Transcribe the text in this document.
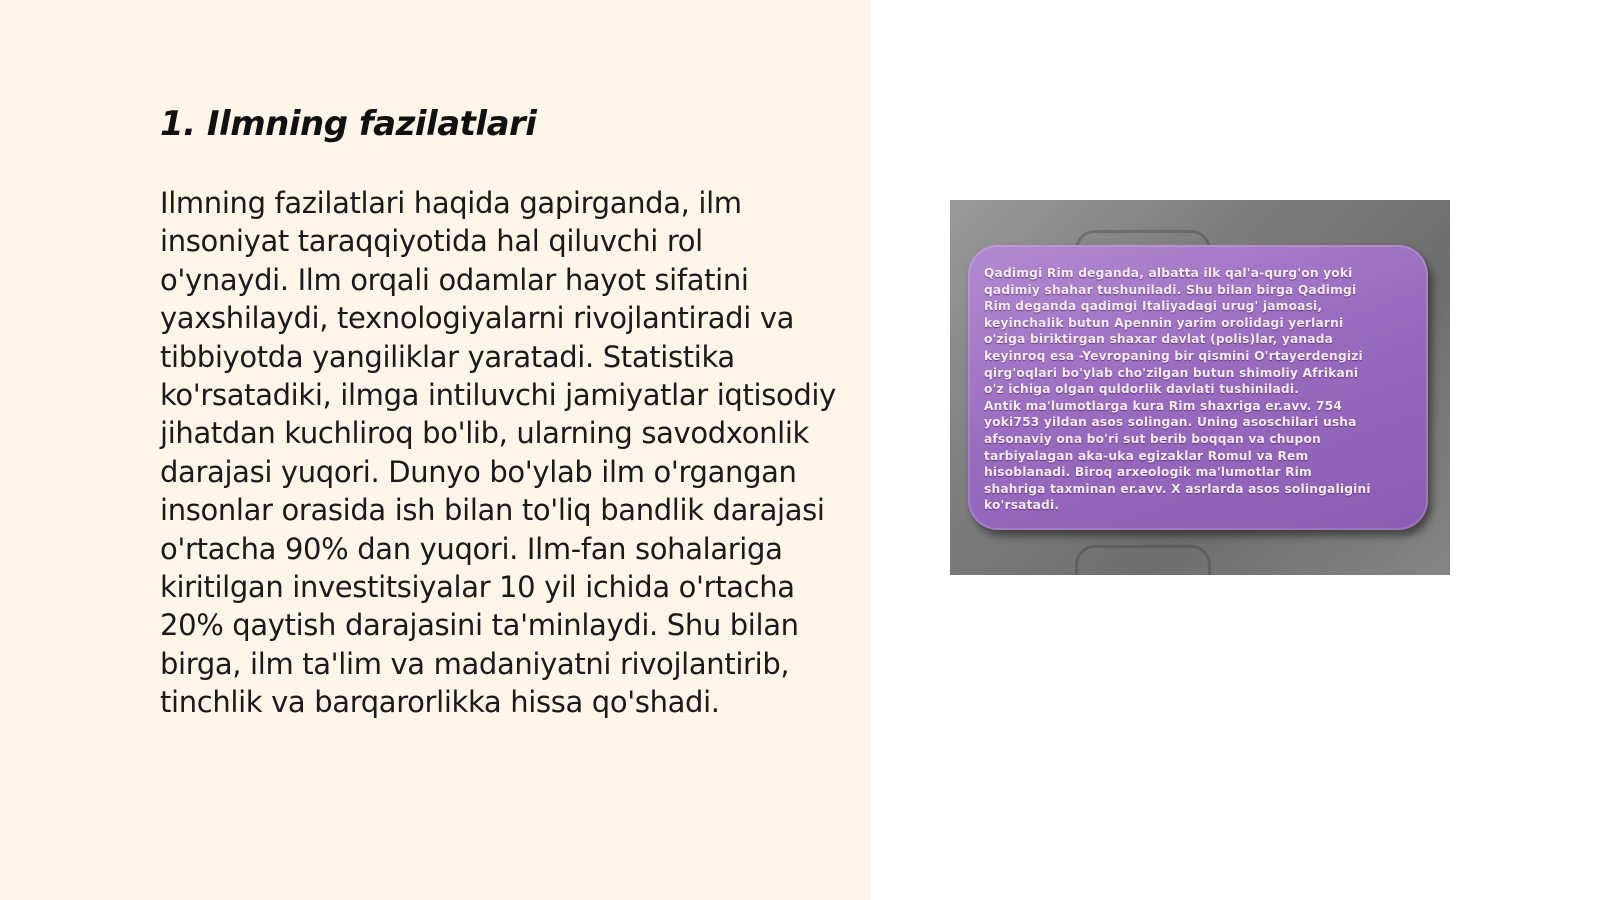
1. Ilmning fazilatlari

Ilmning fazilatlari haqida gapirganda, ilm insoniyat taraqqiyotida hal qiluvchi rol o'ynaydi. Ilm orqali odamlar hayot sifatini yaxshilaydi, texnologiyalarni rivojlantiradi va tibbiyotda yangiliklar yaratadi. Statistika ko'rsatadiki, ilmga intiluvchi jamiyatlar iqtisodiy jihatdan kuchliroq bo'lib, ularning savodxonlik darajasi yuqori. Dunyo bo'ylab ilm o'rgangan insonlar orasida ish bilan to'liq bandlik darajasi o'rtacha 90% dan yuqori. Ilm-fan sohalariga kiritilgan investitsiyalar 10 yil ichida o'rtacha 20% qaytish darajasini ta'minlaydi. Shu bilan birga, ilm ta'lim va madaniyatni rivojlantirib, tinchlik va barqarorlikka hissa qo'shadi.

Qadimgi Rim deganda, albatta ilk qal'a-qurg'on yoki
qadimiy shahar tushuniladi. Shu bilan birga Qadimgi
Rim deganda qadimgi Italiyadagi urug' jamoasi,
keyinchalik butun Apennin yarim orolidagi yerlarni
o'ziga biriktirgan shaxar davlat (polis)lar, yanada
keyinroq esa -Yevropaning bir qismini O'rtayerdengizi
qirg'oqlari bo'ylab cho'zilgan butun shimoliy Afrikani
o'z ichiga olgan quldorlik davlati tushiniladi.
Antik ma'lumotlarga kura Rim shaxriga er.avv. 754
yoki753 yildan asos solingan. Uning asoschilari usha
afsonaviy ona bo'ri sut berib boqqan va chupon
tarbiyalagan aka-uka egizaklar Romul va Rem
hisoblanadi. Biroq arxeologik ma'lumotlar Rim
shahriga taxminan er.avv. X asrlarda asos solingaligini
ko'rsatadi.
